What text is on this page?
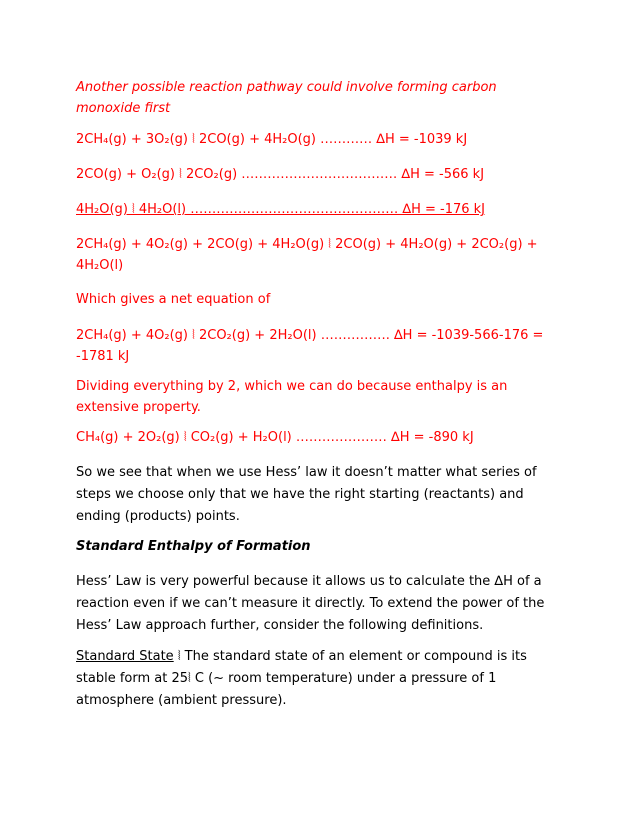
Another possible reaction pathway could involve forming carbon monoxide first
2CH₄(g) + 3O₂(g) ⦚ 2CO(g) + 4H₂O(g) ………… ∆H = -1039 kJ
2CO(g) + O₂(g) ⦚ 2CO₂(g) ……………………………… ∆H = -566 kJ
4H₂O(g) ⦚ 4H₂O(l) ………………………………………… ∆H = -176 kJ
2CH₄(g) + 4O₂(g) + 2CO(g) + 4H₂O(g) ⦚ 2CO(g) + 4H₂O(g) + 2CO₂(g) + 4H₂O(l)
Which gives a net equation of
2CH₄(g) + 4O₂(g) ⦚ 2CO₂(g) + 2H₂O(l) ……………. ∆H = -1039-566-176 = -1781 kJ
Dividing everything by 2, which we can do because enthalpy is an extensive property.
CH₄(g) + 2O₂(g) ⦚ CO₂(g) + H₂O(l) ………………… ∆H = -890 kJ
So we see that when we use Hess’ law it doesn’t matter what series of steps we choose only that we have the right starting (reactants) and ending (products) points.
Standard Enthalpy of Formation
Hess’ Law is very powerful because it allows us to calculate the ∆H of a reaction even if we can’t measure it directly. To extend the power of the Hess’ Law approach further, consider the following definitions.
Standard State ⦚ The standard state of an element or compound is its stable form at 25⦚ C (~ room temperature) under a pressure of 1 atmosphere (ambient pressure).
